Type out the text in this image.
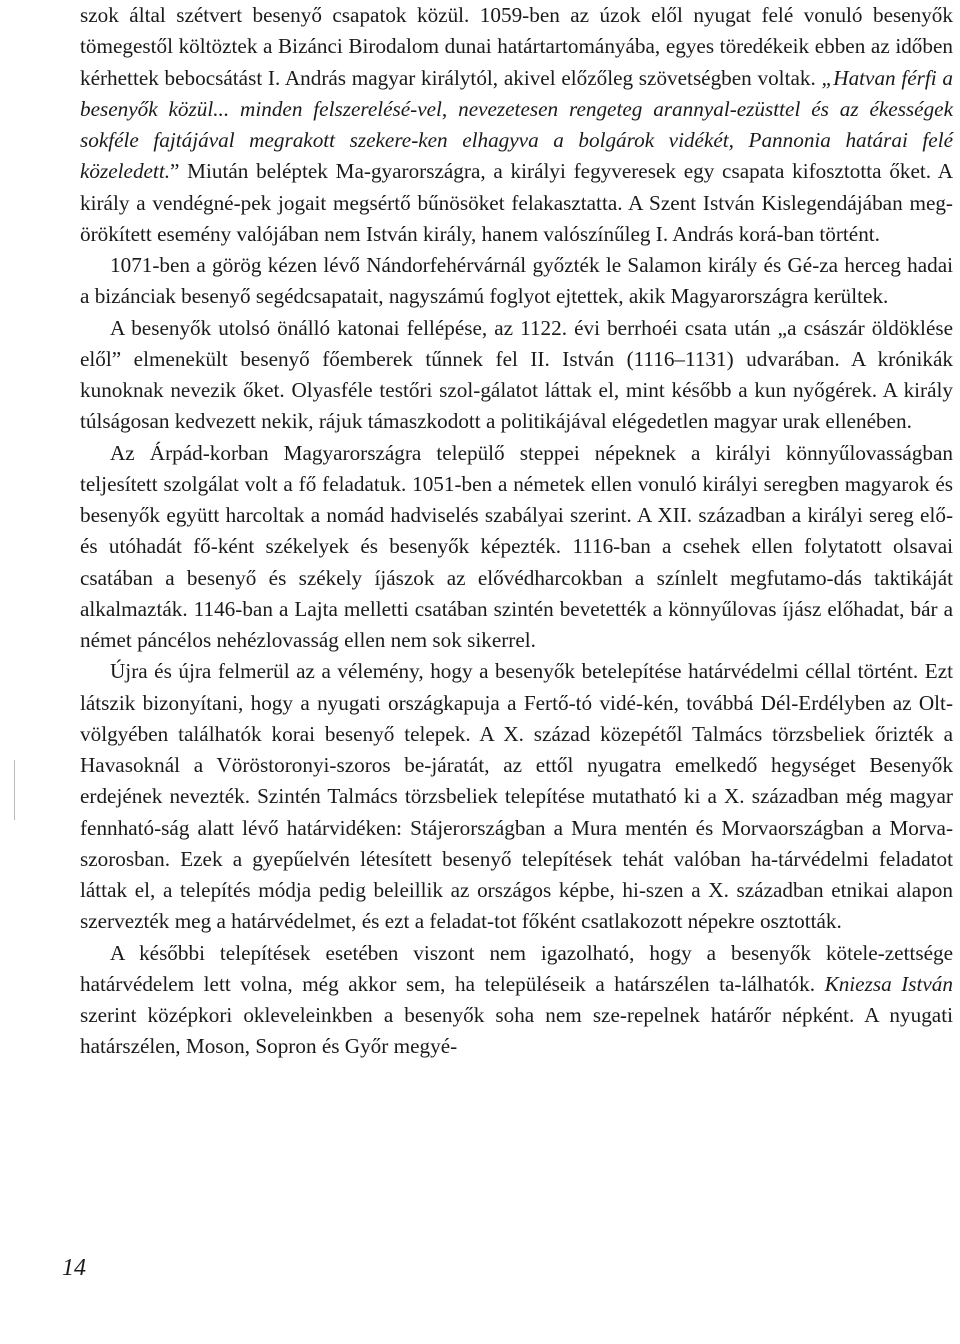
szok által szétvert besenyő csapatok közül. 1059-ben az úzok elől nyugat felé vonuló besenyők tömegestől költöztek a Bizánci Birodalom dunai határtartományába, egyes töredékeik ebben az időben kérhettek bebocsátást I. András magyar királytól, akivel előzőleg szövetségben voltak. „Hatvan férfi a besenyők közül... minden felszerelésé-vel, nevezetesen rengeteg arannyal-ezüsttel és az ékességek sokféle fajtájával megrakott szekere-ken elhagyva a bolgárok vidékét, Pannonia határai felé közeledett.” Miután beléptek Ma-gyarországra, a királyi fegyveresek egy csapata kifosztotta őket. A király a vendégné-pek jogait megsértő bűnösöket felakasztatta. A Szent István Kislegendájában meg-örökített esemény valójában nem István király, hanem valószínűleg I. András korá-ban történt.

1071-ben a görög kézen lévő Nándorfehérvárnál győzték le Salamon király és Gé-za herceg hadai a bizánciak besenyő segédcsapatait, nagyszámú foglyot ejtettek, akik Magyarországra kerültek.

A besenyők utolsó önálló katonai fellépése, az 1122. évi berrhoéi csata után „a császár öldöklése elől” elmenekült besenyő főemberek tűnnek fel II. István (1116–1131) udvarában. A krónikák kunoknak nevezik őket. Olyasféle testőri szol-gálatot láttak el, mint később a kun nyőgérek. A király túlságosan kedvezett nekik, rájuk támaszkodott a politikájával elégedetlen magyar urak ellenében.

Az Árpád-korban Magyarországra települő steppei népeknek a királyi könnyűlovasságban teljesített szolgálat volt a fő feladatuk. 1051-ben a németek ellen vonuló királyi seregben magyarok és besenyők együtt harcoltak a nomád hadviselés szabályai szerint. A XII. században a királyi sereg elő- és utóhadát fő-ként székelyek és besenyők képezték. 1116-ban a csehek ellen folytatott olsavai csatában a besenyő és székely íjászok az elővédharcokban a színlelt megfutamo-dás taktikáját alkalmazták. 1146-ban a Lajta melletti csatában szintén bevetették a könnyűlovas íjász előhadat, bár a német páncélos nehézlovasság ellen nem sok sikerrel.

Újra és újra felmerül az a vélemény, hogy a besenyők betelepítése határvédelmi céllal történt. Ezt látszik bizonyítani, hogy a nyugati országkapuja a Fertő-tó vidé-kén, továbbá Dél-Erdélyben az Olt-völgyében találhatók korai besenyő telepek. A X. század közepétől Talmács törzsbeliek őrizték a Havasoknál a Vöröstoronyi-szoros be-járatát, az ettől nyugatra emelkedő hegységet Besenyők erdejének nevezték. Szintén Talmács törzsbeliek telepítése mutatható ki a X. században még magyar fennható-ság alatt lévő határvidéken: Stájerországban a Mura mentén és Morvaországban a Morva-szorosban. Ezek a gyepűelvén létesített besenyő telepítések tehát valóban ha-tárvédelmi feladatot láttak el, a telepítés módja pedig beleillik az országos képbe, hi-szen a X. században etnikai alapon szervezték meg a határvédelmet, és ezt a feladat-tot főként csatlakozott népekre osztották.

A későbbi telepítések esetében viszont nem igazolható, hogy a besenyők kötele-zettsége határvédelem lett volna, még akkor sem, ha településeik a határszélen ta-lálhatók. Kniezsa István szerint középkori okleveleinkben a besenyők soha nem sze-repelnek határőr népként. A nyugati határszélen, Moson, Sopron és Győr megyé-

14
